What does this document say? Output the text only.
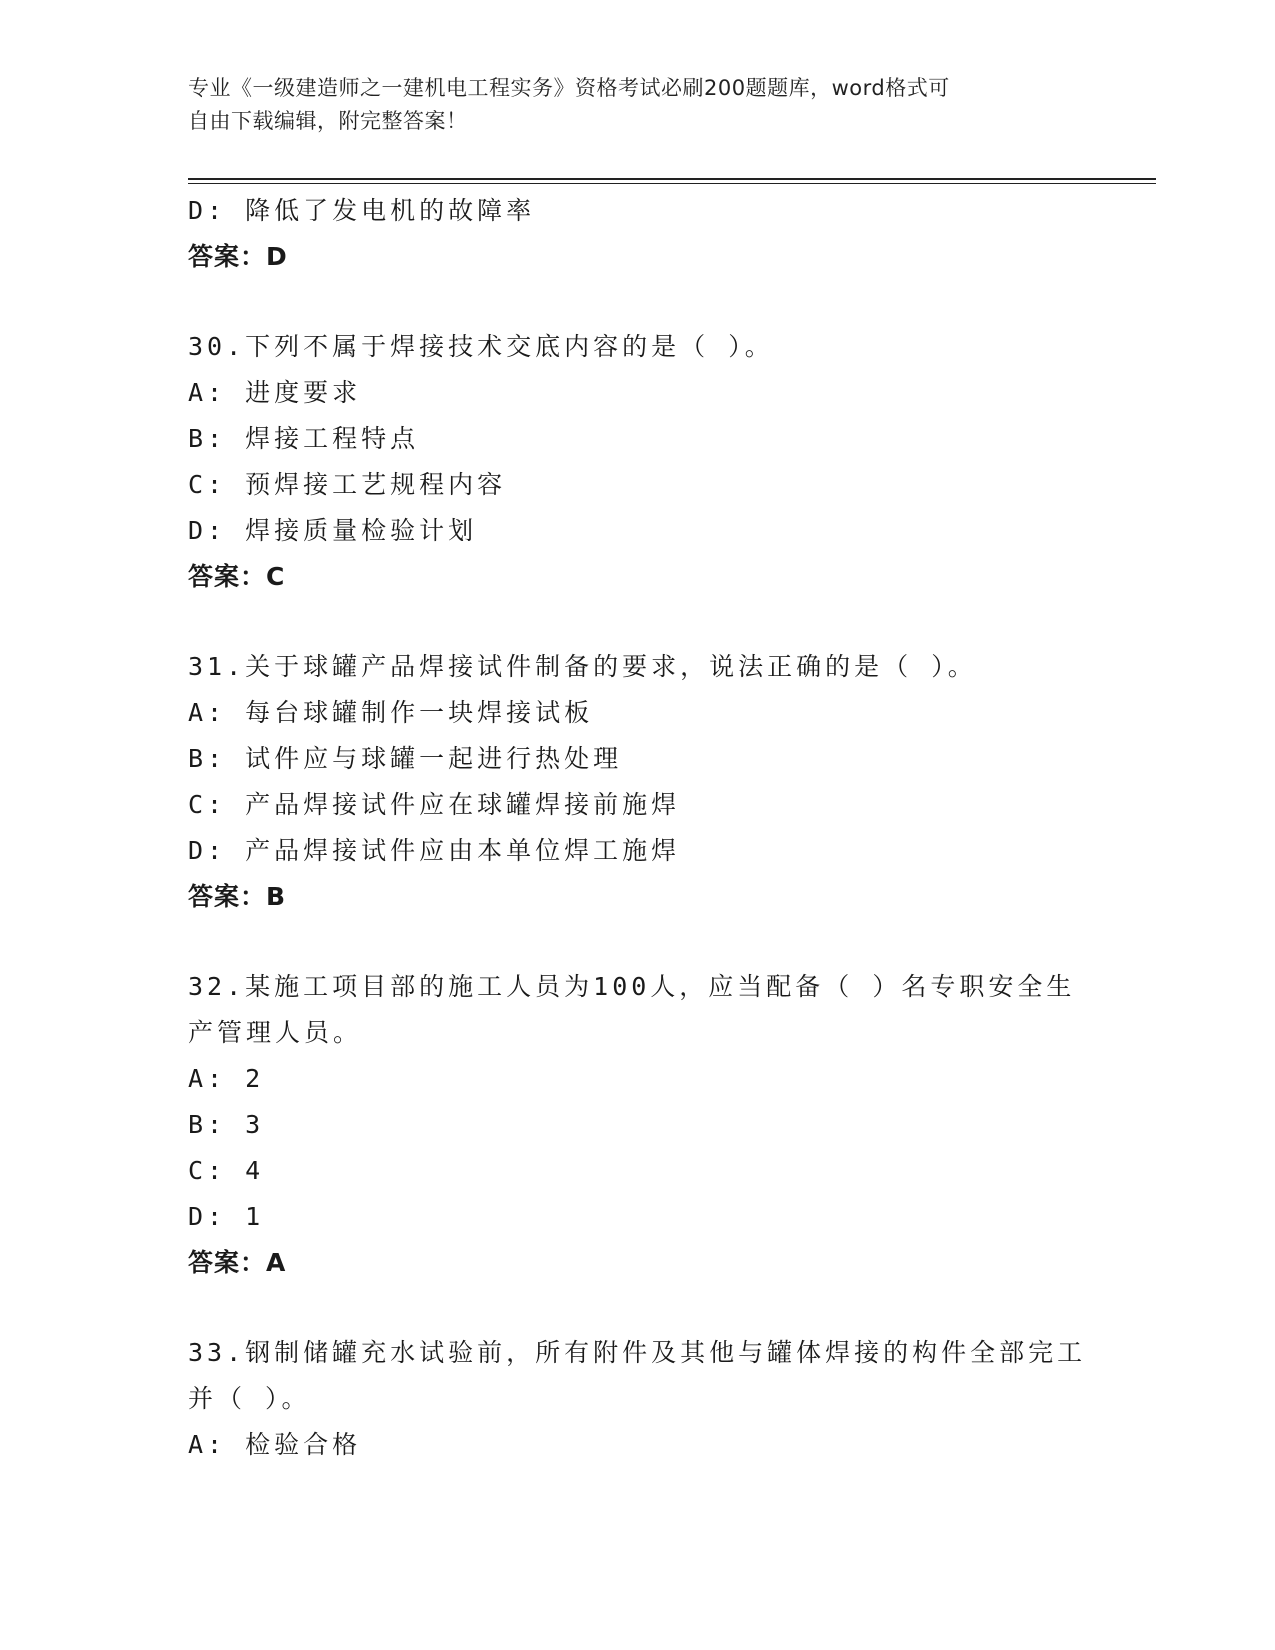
专业《一级建造师之一建机电工程实务》资格考试必刷200题题库，word格式可
自由下载编辑，附完整答案！
D: 降低了发电机的故障率
答案：D
30.下列不属于焊接技术交底内容的是（ ）。
A: 进度要求
B: 焊接工程特点
C: 预焊接工艺规程内容
D: 焊接质量检验计划
答案：C
31.关于球罐产品焊接试件制备的要求，说法正确的是（ ）。
A: 每台球罐制作一块焊接试板
B: 试件应与球罐一起进行热处理
C: 产品焊接试件应在球罐焊接前施焊
D: 产品焊接试件应由本单位焊工施焊
答案：B
32.某施工项目部的施工人员为100人，应当配备（ ）名专职安全生
产管理人员。
A: 2
B: 3
C: 4
D: 1
答案：A
33.钢制储罐充水试验前，所有附件及其他与罐体焊接的构件全部完工
并（ ）。
A: 检验合格
